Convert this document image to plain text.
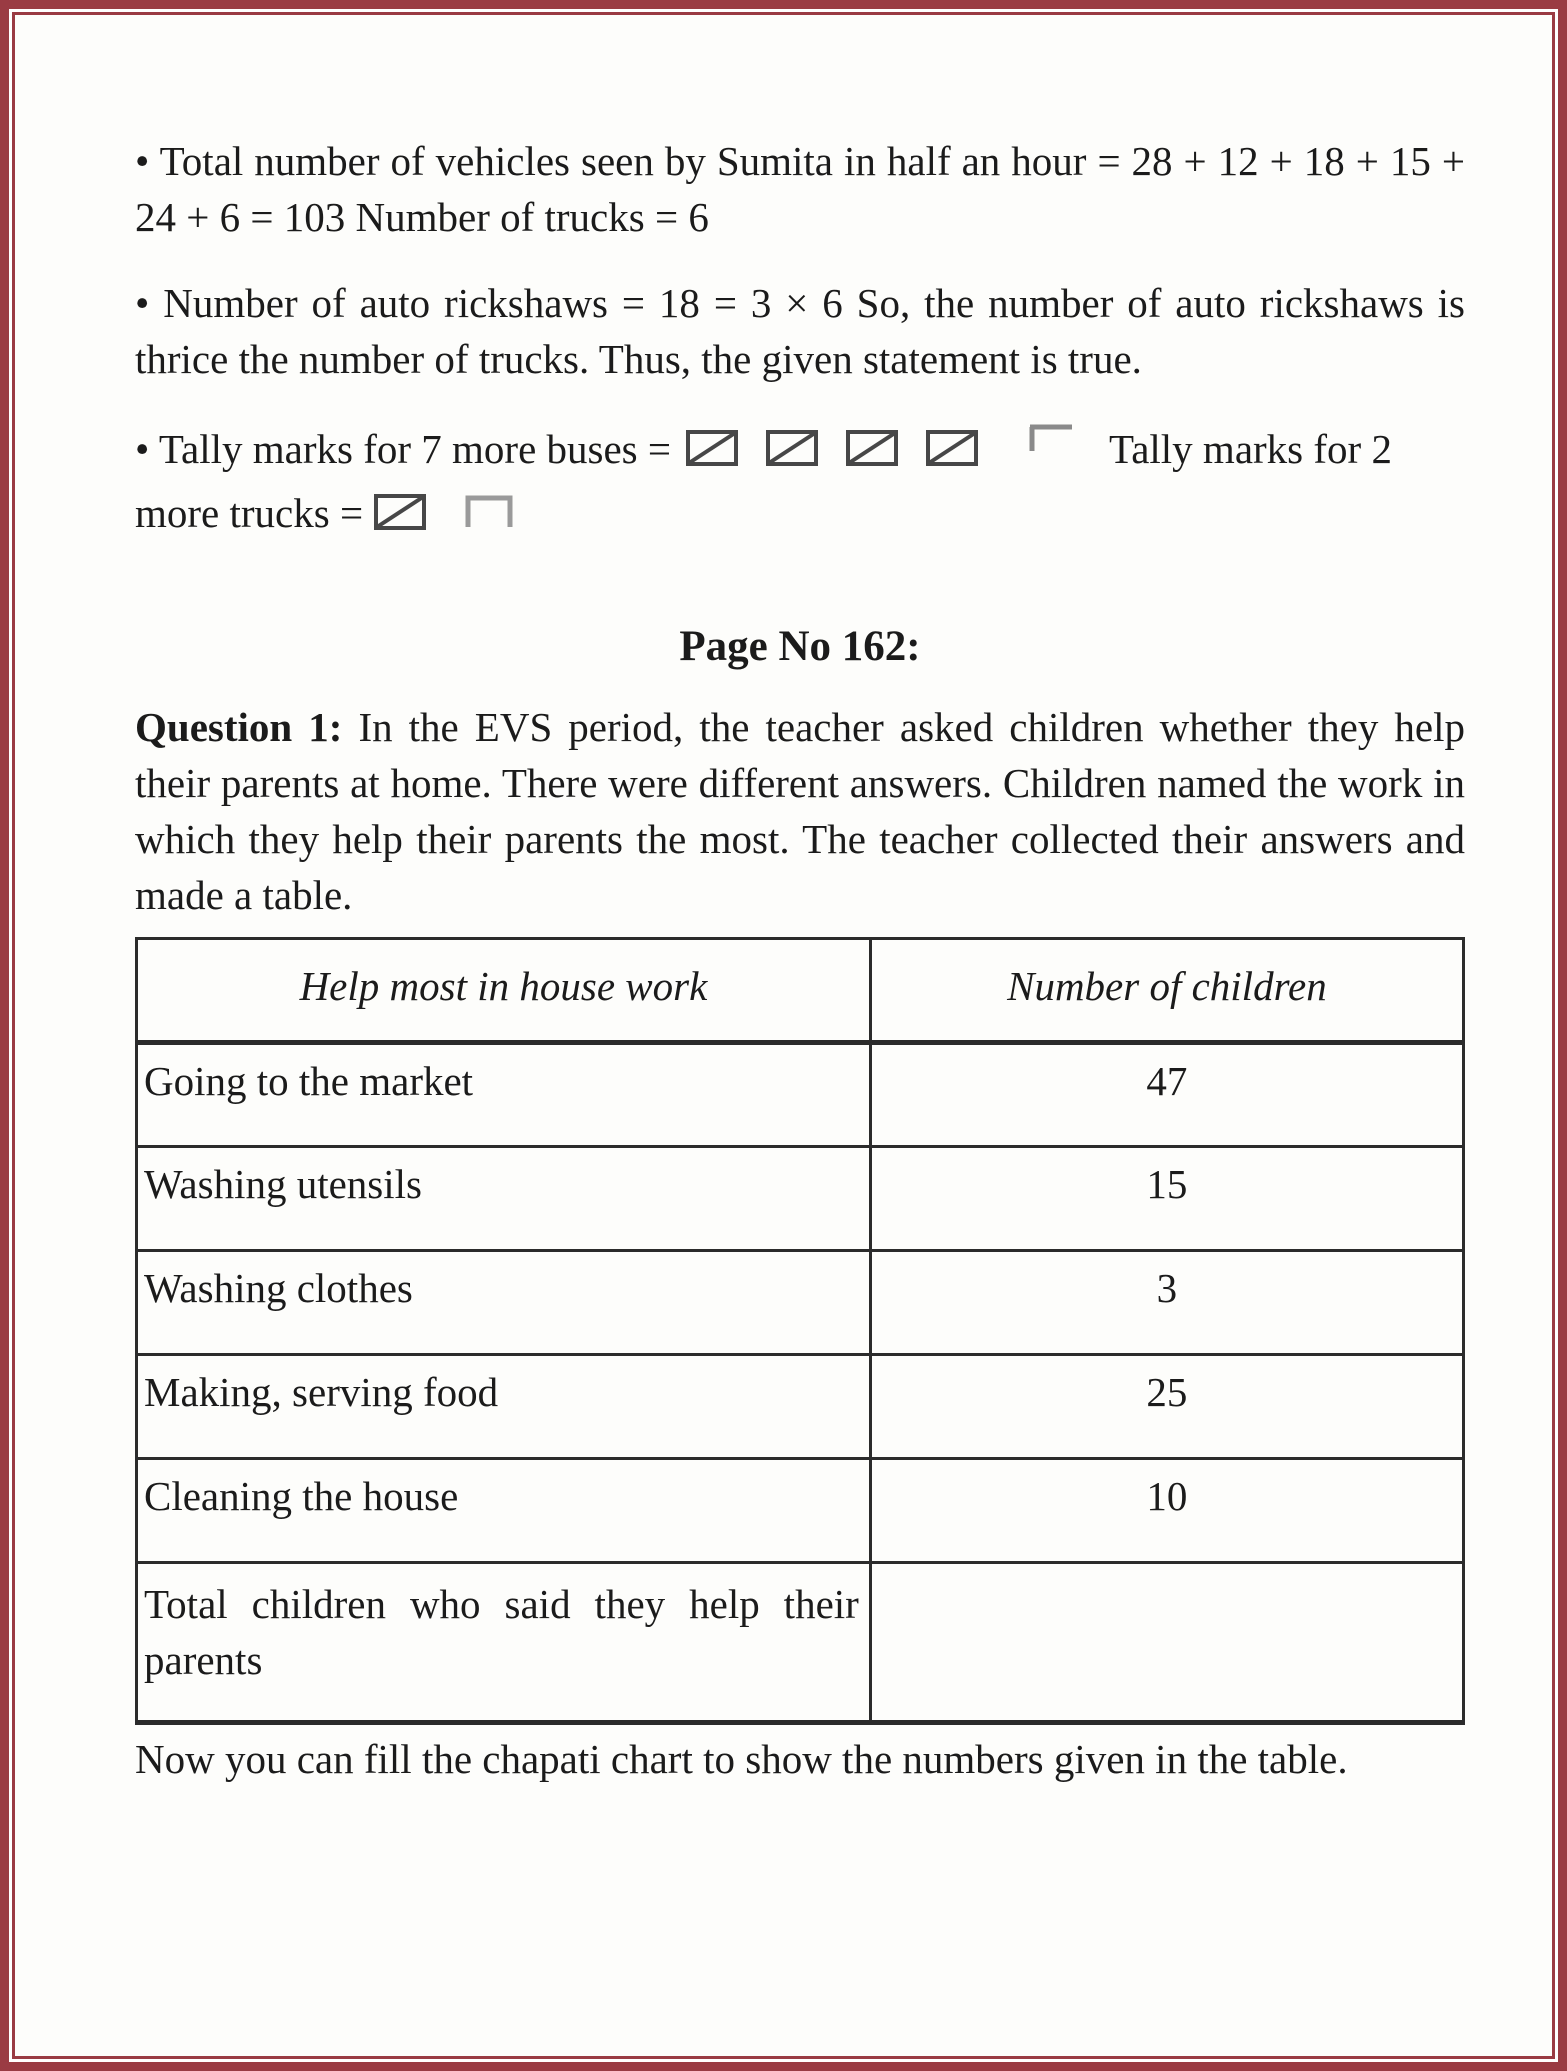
• Total number of vehicles seen by Sumita in half an hour = 28 + 12 + 18 + 15 + 24 + 6 = 103 Number of trucks = 6

• Number of auto rickshaws = 18 = 3 × 6 So, the number of auto rickshaws is thrice the number of trucks. Thus, the given statement is true.

• Tally marks for 7 more buses =	Tally marks for 2 more trucks =

Page No 162:

Question 1: In the EVS period, the teacher asked children whether they help their parents at home. There were different answers. Children named the work in which they help their parents the most. The teacher collected their answers and made a table.

Help most in house work	Number of children
Going to the market	47
Washing utensils	15
Washing clothes	3
Making, serving food	25
Cleaning the house	10
Total children who said they help their parents	

Now you can fill the chapati chart to show the numbers given in the table.
